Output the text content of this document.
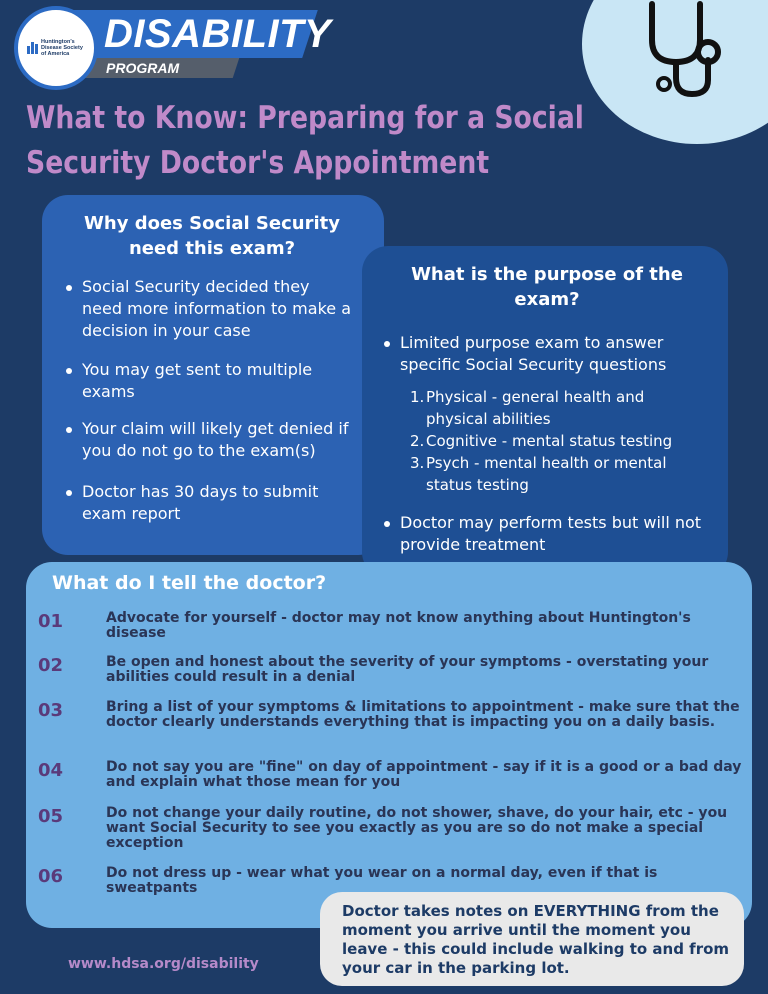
DISABILITY
PROGRAM
Huntington's Disease Society of America
What to Know: Preparing for a Social
Security Doctor's Appointment
Why does Social Security need this exam?
Social Security decided they need more information to make a decision in your case
You may get sent to multiple exams
Your claim will likely get denied if you do not go to the exam(s)
Doctor has 30 days to submit exam report
What is the purpose of the exam?
Limited purpose exam to answer specific Social Security questions
1. Physical - general health and physical abilities
2. Cognitive - mental status testing
3. Psych - mental health or mental status testing
Doctor may perform tests but will not provide treatment
What do I tell the doctor?
01	Advocate for yourself - doctor may not know anything about Huntington's disease
02	Be open and honest about the severity of your symptoms - overstating your abilities could result in a denial
03	Bring a list of your symptoms & limitations to appointment - make sure that the doctor clearly understands everything that is impacting you on a daily basis.
04	Do not say you are "fine" on day of appointment - say if it is a good or a bad day and explain what those mean for you
05	Do not change your daily routine, do not shower, shave, do your hair, etc - you want Social Security to see you exactly as you are so do not make a special exception
06	Do not dress up - wear what you wear on a normal day, even if that is sweatpants
Doctor takes notes on EVERYTHING from the moment you arrive until the moment you leave - this could include walking to and from your car in the parking lot.
www.hdsa.org/disability
